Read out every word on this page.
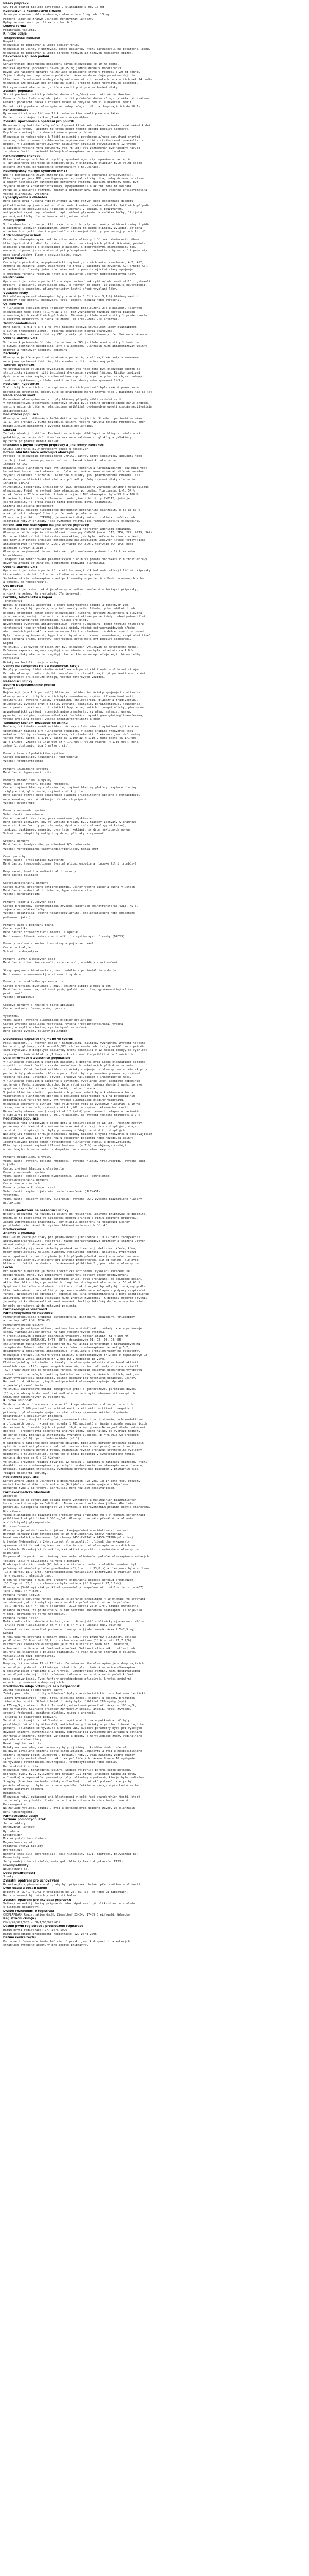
Název přípravku
SPC Film-coated tablets (Zyprexa) / Olanzapine 5 mg, 10 mg
Kvalitativní a kvantitativní složení
Jedna potahovaná tableta obsahuje olanzapinum 5 mg nebo 10 mg.
Pomocné látky se známým účinkem: monohydrát laktózy.
Úplný seznam pomocných látek viz bod 6.1.
Léková forma
Potahovaná tableta.
Klinické údaje
Terapeutické indikace
Dospělí
Olanzapin je indikován k léčbě schizofrenie.
Olanzapin je účinný v udržovací léčbě pacientů, kteří zareagovali na počáteční léčbu.
Olanzapin je indikován k léčbě středně těžkých až těžkých manických epizod.
Dávkování a způsob podání
Dospělí
Schizofrenie: doporučená počáteční dávka olanzapinu je 10 mg denně.
Manická epizoda: počáteční dávka je 15 mg jednou denně v monoterapii.
Dávku lze následně upravit na základě klinického stavu v rozmezí 5–20 mg denně.
Zvýšení dávky nad doporučenou počáteční dávku se doporučuje po odpovídajícím
klinickém přehodnocení a obvykle by mělo nastat v intervalech ne kratších než 24 hodin.
Olanzapin lze podávat bez ohledu na jídlo, protože jídlo neovlivňuje absorpci.
Při vysazování olanzapinu je třeba zvážit postupné snižování dávky.
Zvláštní populace
Starší pacienti: nižší počáteční dávka (5 mg/den) není rutinně indikována.
Porucha funkce ledvin a/nebo jater: nižší počáteční dávka (5 mg) by měla být zvážena.
Kuřáci: počáteční dávka a rozmezí dávek se obvykle nemusí u nekuřáků měnit.
Pediatrická populace: olanzapin se nedoporučuje u dětí a dospívajících do 18 let.
Kontraindikace
Hypersenzitivita na léčivou látku nebo na kteroukoli pomocnou látku.
Pacienti se známým rizikem glaukomu s úzkým úhlem.
Zvláštní upozornění a opatření pro použití
Během antipsychotické léčby může zlepšení klinického stavu pacienta trvat několik dní
až několik týdnů. Pacienty je třeba během tohoto období pečlivě sledovat.
Psychóza související s demencí a/nebo poruchy chování
Olanzapin se nedoporučuje k léčbě pacientů s psychózou a/nebo poruchami chování
souvisejícími s demencí vzhledem ke zvýšené mortalitě a riziku cerebrovaskulárních
příhod. V placebem kontrolovaných klinických studiích (trvajících 6–12 týdnů)
s pacienty vyššího věku (průměrný věk 78 let) byl zaznamenán dvojnásobný nárůst
incidence úmrtí u pacientů léčených olanzapinem ve srovnání s placebem.
Parkinsonova choroba
Užívání olanzapinu k léčbě psychózy vyvolané agonisty dopaminu u pacientů
s Parkinsonovou chorobou se nedoporučuje. V klinických studiích bylo velmi často
hlášeno zhoršení parkinsonské symptomatiky a halucinace.
Neuroleptický maligní syndrom (NMS)
NMS je potenciálně život ohrožující stav spojený s podáváním antipsychotik.
Klinickými projevy NMS jsou hyperpyrexie, svalová rigidita, změny duševního stavu
a známky nestability autonomního nervového systému. Dalšími příznaky mohou být
zvýšená hladina kreatinfosfokinázy, myoglobinurie a akutní renální selhání.
Pokud se u pacienta rozvinou známky a příznaky NMS, musí být všechna antipsychotika
včetně olanzapinu vysazena.
Hyperglykemie a diabetes
Méně často byla hlášena hyperglykemie a/nebo rozvoj nebo exacerbace diabetu,
příležitostně spojená s ketoacidózou nebo komatem, včetně několika fatálních případů.
Doporučuje se odpovídající klinické sledování v souladu s používanými
antipsychotickými doporučeními, např. měření glykemie na začátku léčby, 12 týdnů
po zahájení léčby olanzapinem a poté jednou ročně.
Změny lipidů
V placebem kontrolovaných klinických studiích byly pozorovány nežádoucí změny lipidů
u pacientů léčených olanzapinem. Změny lipidů je nutné klinicky zvládat, zejména
u pacientů s dyslipidemií a pacientů s rizikovými faktory pro rozvoj poruch lipidů.
Anticholinergní účinek
Přestože olanzapin vykazoval in vitro anticholinergní účinek, zkušenosti během
klinických studií odhalily nízkou incidenci souvisejících příhod. Nicméně, protože
klinické zkušenosti s olanzapinem u pacientů s doprovodnými onemocněními jsou
omezené, doporučuje se opatrnost při předepisování pacientům s hypertrofií prostaty
nebo paralytickým ileem a souvisejícími stavy.
Jaterní funkce
Častá byla přechodná, asymptomatická zvýšení jaterních aminotransferáz, ALT, AST,
zejména na začátku léčby. Opatrnosti je třeba u pacientů se zvýšenou ALT a/nebo AST,
u pacientů s příznaky jaterního poškození, s preexistujícími stavy spojenými
s omezenou funkční rezervou jater a u pacientů léčených hepatotoxickými léky.
Neutropenie
Opatrnosti je třeba u pacientů s nízkým počtem leukocytů a/nebo neutrofilů z jakékoli
příčiny, u pacientů užívajících léky, o kterých je známo, že způsobují neutropenii,
u pacientů s anamnézou útlumu/toxicity kostní dřeně vyvolané léky.
Vysazení léčby
Při náhlém vysazení olanzapinu byly vzácně (≥ 0,01 % a < 0,1 %) hlášeny akutní
příznaky jako pocení, nespavost, třes, úzkost, nauzea nebo zvracení.
QT interval
V klinických studiích bylo klinicky významné prodloužení QTc u pacientů léčených
olanzapinem méně časté (0,1 % až 1 %), bez významných rozdílů oproti placebu
v souvisejících kardiálních příhodách. Nicméně je třeba opatrnosti při předepisování
s léčivými přípravky, o nichž je známo, že prodlužují QTc interval.
Tromboembolismus
Méně často (≥ 0,1 % a < 1 %) byla hlášena časová souvislost léčby olanzapinem
s žilním tromboembolismem. Příčinná souvislost nebyla stanovena.
Všechny možné rizikové faktory VTE by měly být identifikovány před léčbou a během ní.
Obecná aktivita CNS
Vzhledem k primárním účinkům olanzapinu na CNS je třeba opatrnosti při kombinaci
s jinými centrálně působícími léky a alkoholem. Olanzapin může antagonizovat účinky
přímých a nepřímých agonistů dopaminu.
Záchvaty
Olanzapin je třeba používat opatrně u pacientů, kteří mají záchvaty v anamnéze
nebo jsou vystaveni faktorům, které mohou snížit záchvatový práh.
Tardivní dyskineze
Ve srovnávacích studiích trvajících jeden rok nebo méně byl olanzapin spojen se
statisticky významně nižší incidencí dyskineze vyvolané léčbou. Riziko tardivní
dyskineze se však zvyšuje s dlouhodobou expozicí, a proto pokud se objeví známky
tardivní dyskineze, je třeba zvážit snížení dávky nebo vysazení léčby.
Posturální hypotenze
V klinických studiích s olanzapinem u starších pacientů byla vzácně pozorována
posturální hypotenze. Doporučuje se pravidelně měřit krevní tlak u pacientů nad 65 let.
Náhlá srdeční smrt
Po uvedení olanzapinu na trh byly hlášeny případy náhlé srdeční smrti.
V retrospektivní observační kohortové studii bylo riziko předpokládané náhlé srdeční
smrti u pacientů léčených olanzapinem přibližně dvojnásobné oproti osobám neužívajícím
antipsychotika.
Pediatrická populace
Olanzapin není indikován k léčbě dětí a dospívajících. Studie u pacientů ve věku
13–17 let prokázaly různé nežádoucí účinky, včetně nárůstu tělesné hmotnosti, změn
metabolických parametrů a zvýšení hladin prolaktinu.
Laktóza
Tablety obsahují laktózu. Pacienti se vzácnými dědičnými problémy s intolerancí
galaktózy, vrozeným deficitem laktázy nebo malabsorpcí glukózy a galaktózy
by tento přípravek neměli užívat.
Interakce s jinými léčivými přípravky a jiné formy interakce
Studie interakcí byly provedeny pouze u dospělých.
Potenciální interakce ovlivňující olanzapin
Protože je olanzapin metabolizován CYP1A2, látky, které specificky indukují nebo
inhibují tento izoenzym, mohou ovlivnit farmakokinetiku olanzapinu.
Indukce CYP1A2
Metabolismus olanzapinu může být indukován kouřením a karbamazepinem, což může vést
ke snížení koncentrací olanzapinu. Bylo pozorováno pouze mírné až středně závažné
zvýšení clearance olanzapinu. Klinické důsledky jsou pravděpodobně omezené, ale
doporučuje se klinické sledování a v případě potřeby zvýšení dávky olanzapinu.
Inhibice CYP1A2
Fluvoxamin, specifický inhibitor CYP1A2, prokazatelně významně inhibuje metabolismus
olanzapinu. Průměrné zvýšení Cmax olanzapinu po podání fluvoxaminu bylo 54 %
u nekuřaček a 77 % u kuřáků. Průměrné zvýšení AUC olanzapinu bylo 52 % a 108 %.
U pacientů, kteří užívají fluvoxamin nebo jiné inhibitory CYP1A2, jako je
ciprofloxacin, je třeba zvážit nižší počáteční dávku olanzapinu.
Snížená biologická dostupnost
Aktivní uhlí snižuje biologickou dostupnost perorálního olanzapinu o 50 až 60 %
a má být užito alespoň 2 hodiny před nebo po olanzapinu.
Fluoxetin (inhibitor CYP2D6), jednorázové dávky antacid (hliník, hořčík) nebo
cimetidin nebyly shledány jako významně ovlivňující farmakokinetiku olanzapinu.
Potenciální vliv olanzapinu na jiné léčivé přípravky
Olanzapin může antagonizovat účinky přímých a nepřímých agonistů dopaminu.
Olanzapin neinhibuje in vitro hlavní izoenzymy CYP450 (např. 1A2, 2D6, 2C9, 2C19, 3A4).
Proto se žádná zvláštní interakce neočekává, jak bylo ověřeno in vivo studiemi,
kde nebyla zjištěna inhibice metabolismu následujících léčivých látek: tricyklické
antidepresivum (převážně CYP2D6), warfarin (CYP2C9), teofylin (CYP1A2) nebo
diazepam (CYP3A4 a 2C19).
Olanzapin nevykazoval žádnou interakci při současném podávání s lithiem nebo
biperidenem.
Terapeutické monitorování plazmatických hladin valproátu neprokázalo nutnost úpravy
dávky valproátu po zahájení souběžného podávání olanzapinu.
Obecná aktivita CNS
Opatrnosti je třeba u pacientů, kteří konzumují alkohol nebo užívají léčivé přípravky,
které mohou způsobit útlum centrálního nervového systému.
Souběžné užívání olanzapinu s antiparkinsoniky u pacientů s Parkinsonovou chorobou
a demencí se nedoporučuje.
QTc interval
Opatrnosti je třeba, pokud je olanzapin podáván současně s léčivými přípravky,
o nichž je známo, že prodlužují QTc interval.
Fertilita, těhotenství a kojení
Těhotenství
Nejsou k dispozici adekvátní a dobře kontrolované studie u těhotných žen.
Pacientky mají být poučeny, aby informovaly svého lékaře, pokud otěhotní nebo
plánují otěhotnět během léčby olanzapinem. Nicméně, protože zkušenosti u člověka
jsou omezené, má být olanzapin v těhotenství užíván pouze tehdy, pokud potenciální
přínos ospravedlňuje potenciální riziko pro plod.
Novorozenci vystavení antipsychotikům (včetně olanzapinu) během třetího trimestru
těhotenství jsou ohroženi nežádoucími účinky včetně extrapyramidových a/nebo
abstinenčních příznaků, které se mohou lišit v závažnosti a délce trvání po porodu.
Byly hlášeny agitovanost, hypertonie, hypotonie, tremor, somnolence, respirační tíseň
nebo porucha příjmu potravy. Novorozenci proto mají být pečlivě sledováni.
Kojení
Ve studii u zdravých kojících žen byl olanzapin vylučován do mateřského mléka.
Průměrná expozice kojence (mg/kg) v ustáleném stavu byla odhadnuta na 1,8 %
mateřské dávky olanzapinu (mg/kg). Pacientkám se nedoporučuje kojit během léčby.
Fertilita
Účinky na fertilitu nejsou známy.
Účinky na schopnost řídit a obsluhovat stroje
Nebyly provedeny žádné studie účinků na schopnost řídit nebo obsluhovat stroje.
Protože olanzapin může způsobit somnolenci a závratě, mají být pacienti upozorněni
na opatrnost při obsluze strojů, včetně motorových vozidel.
Nežádoucí účinky
Souhrn bezpečnostního profilu
Dospělí
Nejčastěji (u ≥ 1 % pacientů) hlášenými nežádoucími účinky spojenými s užíváním
olanzapinu v klinických studiích byly somnolence, zvýšení tělesné hmotnosti,
eozinofilie, zvýšené hladiny prolaktinu, cholesterolu, glukózy a triglyceridů,
glukosurie, zvýšená chuť k jídlu, závratě, akatizie, parkinsonismus, leukopenie,
neutropenie, dyskineze, ortostatická hypotenze, anticholinergní účinky, přechodná
asymptomatická zvýšení jaterních aminotransferáz, vyrážka, astenie, únava,
pyrexie, artralgie, zvýšená alkalická fosfatáza, vysoká gama-glutamyltransferáza,
vysoká kyselina močová, vysoká kreatinfosfokináza a edém.
Tabulkový seznam nežádoucích účinků
Následující tabulka uvádí nežádoucí účinky a laboratorní vyšetření zjištěná ze
spontánních hlášení a v klinických studiích. V každé skupině frekvencí jsou
nežádoucí účinky seřazeny podle klesající závažnosti. Frekvence jsou definovány
takto: velmi časté (≥ 1/10), časté (≥ 1/100 až < 1/10), méně časté (≥ 1/1 000
až < 1/100), vzácné (≥ 1/10 000 až < 1/1 000), velmi vzácné (< 1/10 000), není
známo (z dostupných údajů nelze určit).
Poruchy krve a lymfatického systému
Časté: eozinofilie, leukopenie, neutropenie
Vzácné: trombocytopenie
Poruchy imunitního systému
Méně časté: hypersenzitivita
Poruchy metabolismu a výživy
Velmi časté: zvýšení tělesné hmotnosti
Časté: zvýšené hladiny cholesterolu, zvýšené hladiny glukózy, zvýšené hladiny
triglyceridů, glukosurie, zvýšená chuť k jídlu
Méně časté: rozvoj nebo exacerbace diabetu příležitostně spojené s ketoacidózou
nebo komatem, včetně některých fatálních případů
Vzácné: hypotermie
Poruchy nervového systému
Velmi časté: somnolence
Časté: závratě, akatizie, parkinsonismus, dyskineze
Méně časté: záchvaty, kdy ve většině případů byly hlášeny záchvaty v anamnéze
nebo rizikové faktory pro záchvaty; dystonie (včetně okulogyrní krize);
tardivní dyskineze; amnézie; dysartrie; koktání; syndrom neklidných nohou
Vzácné: neuroleptický maligní syndrom; příznaky z vysazení
Srdeční poruchy
Méně časté: bradykardie, prodloužení QTc intervalu
Vzácné: ventrikulární tachykardie/fibrilace, náhlá smrt
Cévní poruchy
Velmi časté: ortostatická hypotenze
Méně časté: tromboembolismus (včetně plicní embolie a hluboké žilní trombózy)
Respirační, hrudní a mediastinální poruchy
Méně časté: epistaxe
Gastrointestinální poruchy
Časté: mírné, přechodné anticholinergní účinky včetně zácpy a sucha v ústech
Méně časté: abdominální distenze, hypersekrece slin
Vzácné: pankreatitida
Poruchy jater a žlučových cest
Časté: přechodná, asymptomatická zvýšení jaterních aminotransferáz (ALT, AST),
zejména na začátku léčby
Vzácné: hepatitida (včetně hepatocelulárního, cholestatického nebo smíšeného
poškození jater)
Poruchy kůže a podkožní tkáně
Časté: vyrážka
Méně časté: fotosenzitivní reakce, alopecie
Není známo: léková reakce s eozinofilií a systémovými příznaky (DRESS)
Poruchy svalové a kosterní soustavy a pojivové tkáně
Časté: artralgie
Vzácné: rabdomyolýza
Poruchy ledvin a močových cest
Méně časté: inkontinence moči, retence moči, opožděný start močení
Stavy spojené s těhotenstvím, šestinedělím a perinatálním obdobím
Není známo: novorozenecký abstinenční syndrom
Poruchy reprodukčního systému a prsu
Časté: erektilní dysfunkce u mužů, snížené libido u mužů a žen
Méně časté: amenorea, zvětšení prsů, galaktorea u žen, gynekomastie/zvětšení
prsů u mužů
Vzácné: priapismus
Celkové poruchy a reakce v místě aplikace
Časté: astenie, únava, edém, pyrexie
Vyšetření
Velmi časté: zvýšené plazmatické hladiny prolaktinu
Časté: zvýšená alkalická fosfatáza, vysoká kreatinfosfokináza, vysoká
gama-glutamyltransferáza, vysoká kyselina močová
Méně časté: zvýšený celkový bilirubin
Dlouhodobá expozice (nejméně 48 týdnů)
Podíl pacientů, u kterých došlo k nežádoucímu, klinicky významnému zvýšení tělesné
hmotnosti, glukózy, celkového/LDL/HDL cholesterolu nebo triglyceridů, se v průběhu
času zvyšoval. U dospělých pacientů, kteří dokončili 9–12 měsíců léčby, se rychlost
zvyšování průměrné hladiny glukózy v krvi zpomalila přibližně po 6 měsících.
Další informace o zvláštních populacích
V klinických studiích u starších pacientů s demencí byla léčba olanzapinem spojena
s vyšší incidencí úmrtí a cerebrovaskulárních nežádoucích příhod ve srovnání
s placebem. Velmi častými nežádoucími účinky spojenými s olanzapinem u této skupiny
pacientů byly abnormální chůze a pády. Často byla pozorována pneumonie, zvýšená
tělesná teplota, letargie, erytém, zrakové halucinace a inkontinence moči.
V klinických studiích u pacientů s psychózou vyvolanou léky (agonisté dopaminu)
spojenou s Parkinsonovou chorobou bylo velmi často hlášeno zhoršení parkinsonské
symptomatiky a halucinace, a to častěji než u placeba.
V jedné klinické studii u pacientů s bipolární mánií byla kombinovaná léčba
valproátem s olanzapinem spojena s incidencí neutropenie 4,1 %; potenciálním
přispívajícím faktorem mohly být vysoké plazmatické hladiny valproátu.
Olanzapin podávaný s lithiem nebo valproátem vedl ke zvýšeným hladinám (≥ 10 %)
třesu, sucha v ústech, zvýšené chuti k jídlu a zvýšení tělesné hmotnosti.
Během léčby olanzapinem (trvající až 12 týdnů) pro prevenci relapsu u pacientů
s bipolární poruchou došlo u 39,9 % pacientů ke zvýšení tělesné hmotnosti ≥ 7 %.
Pediatrická populace
Olanzapin není indikován k léčbě dětí a dospívajících do 18 let. Přestože nebyly
provedeny klinické studie určené ke srovnání dospívajících s dospělými, údaje
ze studií u dospívajících byly porovnány s údaji ze studií u dospělých.
Následující tabulka shrnuje nežádoucí účinky hlášené s vyšší frekvencí u dospívajících
pacientů (ve věku 13–17 let) než u dospělých pacientů nebo nežádoucí účinky
identifikované pouze během krátkodobých klinických studií u dospívajících.
Klinicky významné zvýšení tělesné hmotnosti (≥ 7 %) se objevuje častěji
u dospívajících ve srovnání s dospělými se srovnatelnou expozicí.
Poruchy metabolismu a výživy
Velmi časté: zvýšení tělesné hmotnosti, zvýšené hladiny triglyceridů, zvýšená chuť
k jídlu
Časté: zvýšené hladiny cholesterolu
Poruchy nervového systému
Velmi časté: sedace (včetně hypersomnie, letargie, somnolence)
Gastrointestinální poruchy
Časté: sucho v ústech
Poruchy jater a žlučových cest
Velmi časté: zvýšení jaterních aminotransferáz (ALT/AST)
Vyšetření
Velmi časté: snížený celkový bilirubin, zvýšená GGT, zvýšené plazmatické hladiny
prolaktinu
Hlášení podezření na nežádoucí účinky
Hlášení podezření na nežádoucí účinky po registraci léčivého přípravku je důležité.
Umožňuje to pokračovat ve sledování poměru přínosů a rizik léčivého přípravku.
Žádáme zdravotnické pracovníky, aby hlásili podezření na nežádoucí účinky
prostřednictvím národního systému hlášení nežádoucích účinků.
Předávkování
Známky a příznaky
Mezi velmi časté příznaky při předávkování (incidence > 10 %) patří tachykardie,
agitovanost/agresivita, dysartrie, různé extrapyramidové příznaky a snížená úroveň
vědomí sahající od sedace až po kóma.
Další lékařsky významné následky předávkování zahrnují delirium, křeče, kóma,
možný neuroleptický maligní syndrom, respirační depresi, aspiraci, hypertenzi
nebo hypotenzi, srdeční arytmie (< 2 % případů předávkování) a srdeční zástavu.
Fatální následky byly hlášeny při akutním předávkování již od 450 mg, ale bylo
hlášeno i přežití po akutním předávkování přibližně 2 g perorálního olanzapinu.
Léčba
Pro olanzapin neexistuje žádné specifické antidotum. Vyvolání zvracení se
nedoporučuje. Mohou být indikovány standardní postupy léčby předávkování
(tj. výplach žaludku, podání aktivního uhlí). Bylo prokázáno, že souběžné podání
aktivního uhlí snižuje perorální biologickou dostupnost olanzapinu o 50 až 60 %.
Symptomatická léčba a sledování vitálních funkcí orgánů by měly být zahájeny podle
klinického obrazu, včetně léčby hypotenze a oběhového kolapsu a podpory respirační
funkce. Nepoužívejte adrenalin, dopamin ani jiná sympatomimetika s beta-agonistickou
aktivitou, protože beta stimulace může zhoršit hypotenzi. K detekci možných arytmií
je nezbytné kardiovaskulární monitorování. Pečlivý lékařský dohled a monitorování
by měly pokračovat až do zotavení pacienta.
Farmakologické vlastnosti
Farmakodynamické vlastnosti
Farmakoterapeutická skupina: psycholeptika, diazepiny, oxazepiny, thiazepiny
a oxepiny. ATC kód: N05AH03.
Farmakodynamické účinky
Olanzapin je antipsychotikum, antimanikum a stabilizátor nálady, které prokazuje
široký farmakologický profil na řadě receptorových systémů.
V předklinických studiích olanzapin vykazoval rozsah afinit (Ki < 100 nM)
k serotoninovým 5HT2A/2C, 5HT3, 5HT6; dopaminovým D1, D2, D3, D4, D5;
cholinergním muskarinovým receptorům M1–M5; alfa1 adrenergním a histaminovým H1
receptorům. Behaviorální studie na zvířatech s olanzapinem naznačily 5HT,
dopaminový a cholinergní antagonismus, v souladu s profilem vazby na receptory.
Olanzapin prokázal in vitro větší afinitu k serotoninovým 5HT2 než k dopaminovým D2
receptorům a větší aktivitu 5HT2 než D2 v modelech in vivo.
Elektrofyziologické studie prokázaly, že olanzapin selektivně snižoval aktivitu
mezolimbických (A10) dopaminergních neuronů, zatímco měl malý vliv na striatální
(A9) dráhy zapojené do motorické funkce. Olanzapin snižoval podmíněnou vyhýbavou
reakci, test naznačující antipsychotickou aktivitu, v dávkách nižších, než jsou
dávky vyvolávající katalepsii, účinek naznačující motorické nežádoucí účinky.
Na rozdíl od některých jiných antipsychotik olanzapin zvyšuje odpověď
v „anxiolytickém“ testu.
Ve studii pozitronové emisní tomografie (PET) s jednorázovou perorální dávkou
(10 mg) u zdravých dobrovolníků vedl olanzapin k vyšší obsazenosti receptorů
5HT2A než dopaminových D2 receptorů.
Klinická účinnost
Ve dvou ze dvou placebem a dvou ze tří komparátorem kontrolovaných studiích
u více než 2 900 pacientů se schizofrenií, kteří měli pozitivní i negativní
příznaky, byl olanzapin spojen se statisticky významně většími zlepšeními
negativních i pozitivních příznaků.
V mezinárodní, dvojitě zaslepené, srovnávací studii schizofrenie, schizoafektivní
a příbuzných poruch, která zahrnovala 1 481 pacientů s různým stupněm souvisejících
depresivních příznaků (výchozí průměr 16,6 na Montgomery-Asbergově škále hodnocení
deprese), prospektivní sekundární analýza změny skóre nálady od výchozí hodnoty
do konce léčby prokázala statisticky významné zlepšení (p = 0,001) ve prospěch
olanzapinu (−6,0) oproti haloperidolu (−3,1).
U pacientů s manickou nebo smíšenou epizodou bipolární poruchy prokázal olanzapin
vyšší účinnost než placebo a valproát seminatrium (divalproex) ve snižování
manických příznaků během 3 týdnů. Olanzapin rovněž prokázal srovnatelné výsledky
účinnosti s haloperidolem, pokud jde o podíl pacientů v symptomatické remisi
mánie a deprese po 6 a 12 týdnech.
Ve studii prevence relapsu trvající 12 měsíců u pacientů s manickou epizodou, kteří
dosáhli remise s olanzapinem a poté byli randomizováni na olanzapin nebo placebo,
prokázal olanzapin statisticky významnou převahu nad placebem v primárním cíli
relapsu bipolární poruchy.
Pediatrická populace
Kontrolované údaje o účinnosti u dospívajících (ve věku 13–17 let) jsou omezeny
na krátkodobé studie u schizofrenie (6 týdnů) a mánie spojené s bipolární
poruchou typu I (3 týdny), zahrnující méně než 200 dospívajících.
Farmakokinetické vlastnosti
Absorpce
Olanzapin se po perorálním podání dobře vstřebává a maximálních plazmatických
koncentrací dosahuje za 5–8 hodin. Absorpce není ovlivněna jídlem. Absolutní
perorální biologická dostupnost ve srovnání s intravenózním podáním nebyla stanovena.
Distribuce
Vazba olanzapinu na plazmatické proteiny byla přibližně 93 % v rozmezí koncentrací
přibližně 7 až přibližně 1 000 ng/ml. Olanzapin se váže převážně na albumin
a alfa1-kyselý glykoprotein.
Biotransformace
Olanzapin je metabolizován v játrech konjugačními a oxidativními cestami.
Hlavním cirkulujícím metabolitem je 10-N-glukuronid, který neprochází
hematoencefalickou bariérou. Cytochromy P450-CYP1A2 a P450-CYP2D6 přispívají
k tvorbě N-desmethyl a 2-hydroxymethyl metabolitů, přičemž oba vykazovaly
významně nižší farmakologickou aktivitu in vivo než olanzapin ve studiích na
zvířatech. Převažující farmakologická aktivita pochází z mateřského olanzapinu.
Eliminace
Po perorálním podání se průměrný terminální eliminační poločas olanzapinu u zdravých
jedinců lišil v závislosti na věku a pohlaví.
U zdravých starších osob (65 let a starší) ve srovnání s mladšími osobami byl
průměrný eliminační poločas prodloužen (51,8 oproti 33,8 h) a clearance byla snížena
(17,5 oproti 18,2 l/h). Farmakokinetická variabilita pozorovaná u starších osob
je v rozmezí u mladších osob.
U žen ve srovnání s muži byl průměrný eliminační poločas poněkud prodloužen
(36,7 oproti 32,3 h) a clearance byla snížena (18,9 oproti 27,3 l/h).
Olanzapin (5–20 mg) však prokázal srovnatelný bezpečnostní profil u žen (n = 467)
jako u mužů (n = 869).
Porucha funkce ledvin
U pacientů s poruchou funkce ledvin (clearance kreatininu < 10 ml/min) ve srovnání
se zdravými jedinci nebyl významný rozdíl v průměrném eliminačním poločasu
(37,7 oproti 32,4 h) ani v clearance (21,2 oproti 25,0 l/h). Studie hmotnostní
bilance ukázala, že přibližně 57 % radioaktivně značeného olanzapinu se objevilo
v moči, převážně ve formě metabolitů.
Porucha funkce jater
Malá studie vlivu zhoršené funkce jater u 6 subjektů s klinicky významnou cirhózou
(Childs-Pugh klasifikace A (n = 5) a B (n = 1)) ukázala malý vliv na
farmakokinetiku perorálně podaného olanzapinu (jednorázová dávka 2,5–7,5 mg).
Kuřáci
U nekuřáků ve srovnání s kuřáky (muži i ženy) byl průměrný eliminační poločas
prodloužen (38,6 oproti 30,4 h) a clearance snížena (18,6 oproti 27,7 l/h).
Plazmatická clearance olanzapinu je nižší u starších osob než u mladších,
u žen než u mužů a u nekuřáků než u kuřáků. Velikost vlivu věku, pohlaví nebo
kouření na clearance a poločas olanzapinu je však malá ve srovnání s celkovou
variabilitou mezi jednotlivci.
Pediatrická populace
Dospívající (ve věku 13 až 17 let): Farmakokinetika olanzapinu je u dospívajících
a dospělých podobná. V klinických studiích byla průměrná expozice olanzapinu
u dospívajících přibližně o 27 % vyšší. Demografické rozdíly mezi dospívajícími
a dospělými zahrnují nižší průměrnou tělesnou hmotnost a menší počet kuřáků
mezi dospívajícími. Tyto faktory pravděpodobně přispívají k vyšší průměrné
expozici pozorované u dospívajících.
Předklinické údaje vztahující se k bezpečnosti
Akutní toxicita (jednorázové dávky)
Známky perorální toxicity u hlodavců byly charakteristické pro silné neuroleptické
látky: hypoaktivita, kóma, třes, klonické křeče, slinění a snížený přírůstek
tělesné hmotnosti. Střední letální dávky byly přibližně 210 mg/kg (myš)
a 175 mg/kg (potkan). Psi tolerovali jednorázové perorální dávky do 100 mg/kg
bez mortality. Klinické příznaky zahrnovaly sedaci, ataxii, třes, zvýšenou
srdeční frekvenci, namáhavé dýchání, miózu a anorexii.
Toxicita po opakovaném podávání
Ve studiích trvajících až 3 měsíce u myší a až 1 rok u potkanů a psů byly
převládajícími účinky útlum CNS, anticholinergní účinky a periferní hematologické
poruchy. Tolerance se vyvinula k útlumu CNS. Růstové parametry byly při vysokých
dávkách sníženy. Reverzibilní účinky odpovídající zvýšenému prolaktinu u potkanů
zahrnovaly sníženou hmotnost vaječníků a dělohy a morfologické změny vaginálního
epitelu a mléčné žlázy.
Hematologická toxicita
Účinky na hematologické parametry byly zjištěny u každého druhu, včetně
na dávce závislého snížení počtu cirkulujících leukocytů u myší a nespecifického
snížení cirkulujících leukocytů u potkanů; nebyly však nalezeny žádné známky
cytotoxicity kostní dřeně. U několika psů léčených dávkou 8 nebo 10 mg/kg/den
se vyvinula reverzibilní neutropenie, trombocytopenie nebo anemie.
Reprodukční toxicita
Olanzapin neměl teratogenní účinky. Sedace ovlivnila páření samců potkanů.
Estrální cykly byly ovlivněny při dávkách 1,1 mg/kg (3násobek maximální dávky
u člověka) a reprodukční parametry byly ovlivněny u potkanů, kterým bylo podáváno
3 mg/kg (9násobek maximální dávky u člověka). U potomků potkanů, kterým byl
podáván olanzapin, bylo pozorováno zpoždění fetálního vývoje a přechodné snížení
úrovně aktivity potomků.
Mutagenita
Olanzapin nebyl mutagenní ani klastogenní v celé řadě standardních testů, které
zahrnovaly testy bakteriálních mutací a in vitro a in vivo testy u savců.
Kancerogenita
Na základě výsledků studií u myší a potkanů bylo učiněno závěr, že olanzapin
není kancerogenní.
Farmaceutické údaje
Seznam pomocných látek
Jádro tablety
Monohydrát laktózy
Hyprolóza
Krospovidon
Mikrokrystalická celulóza
Magnesium-stearát
Potahová vrstva tablety
Hypromelóza
Barevná směs bílá (hypromelóza, oxid titaničitý E171, makrogol, polysorbát 80)
Karnaubský vosk
Jedlý modrý inkoust (šelak, makrogol, hlinitý lak indigokarmínu E132)
Inkompatibility
Neuplatňuje se.
Doba použitelnosti
3 roky.
Zvláštní opatření pro uchovávání
Uchovávejte v původním obalu, aby byl přípravek chráněn před světlem a vlhkostí.
Druh obalu a obsah balení
Blistry z PA/Al/PVC/Al v krabičkách po 28, 35, 56, 70 nebo 98 tabletách.
Na trhu nemusí být všechny velikosti balení.
Zvláštní opatření pro likvidaci přípravku
Veškerý nepoužitý léčivý přípravek nebo odpad musí být zlikvidován v souladu
s místními požadavky.
Držitel rozhodnutí o registraci
CHEPLAPHARM Registration GmbH, Ziegelhof 23-24, 17489 Greifswald, Německo
Registrační číslo(a)
EU/1/96/022/002 – EU/1/96/022/019
Datum první registrace / prodloužení registrace
Datum první registrace: 27. září 1996
Datum posledního prodloužení registrace: 12. září 2006
Datum revize textu
Podrobné informace o tomto léčivém přípravku jsou k dispozici na webových
stránkách Evropské agentury pro léčivé přípravky.
